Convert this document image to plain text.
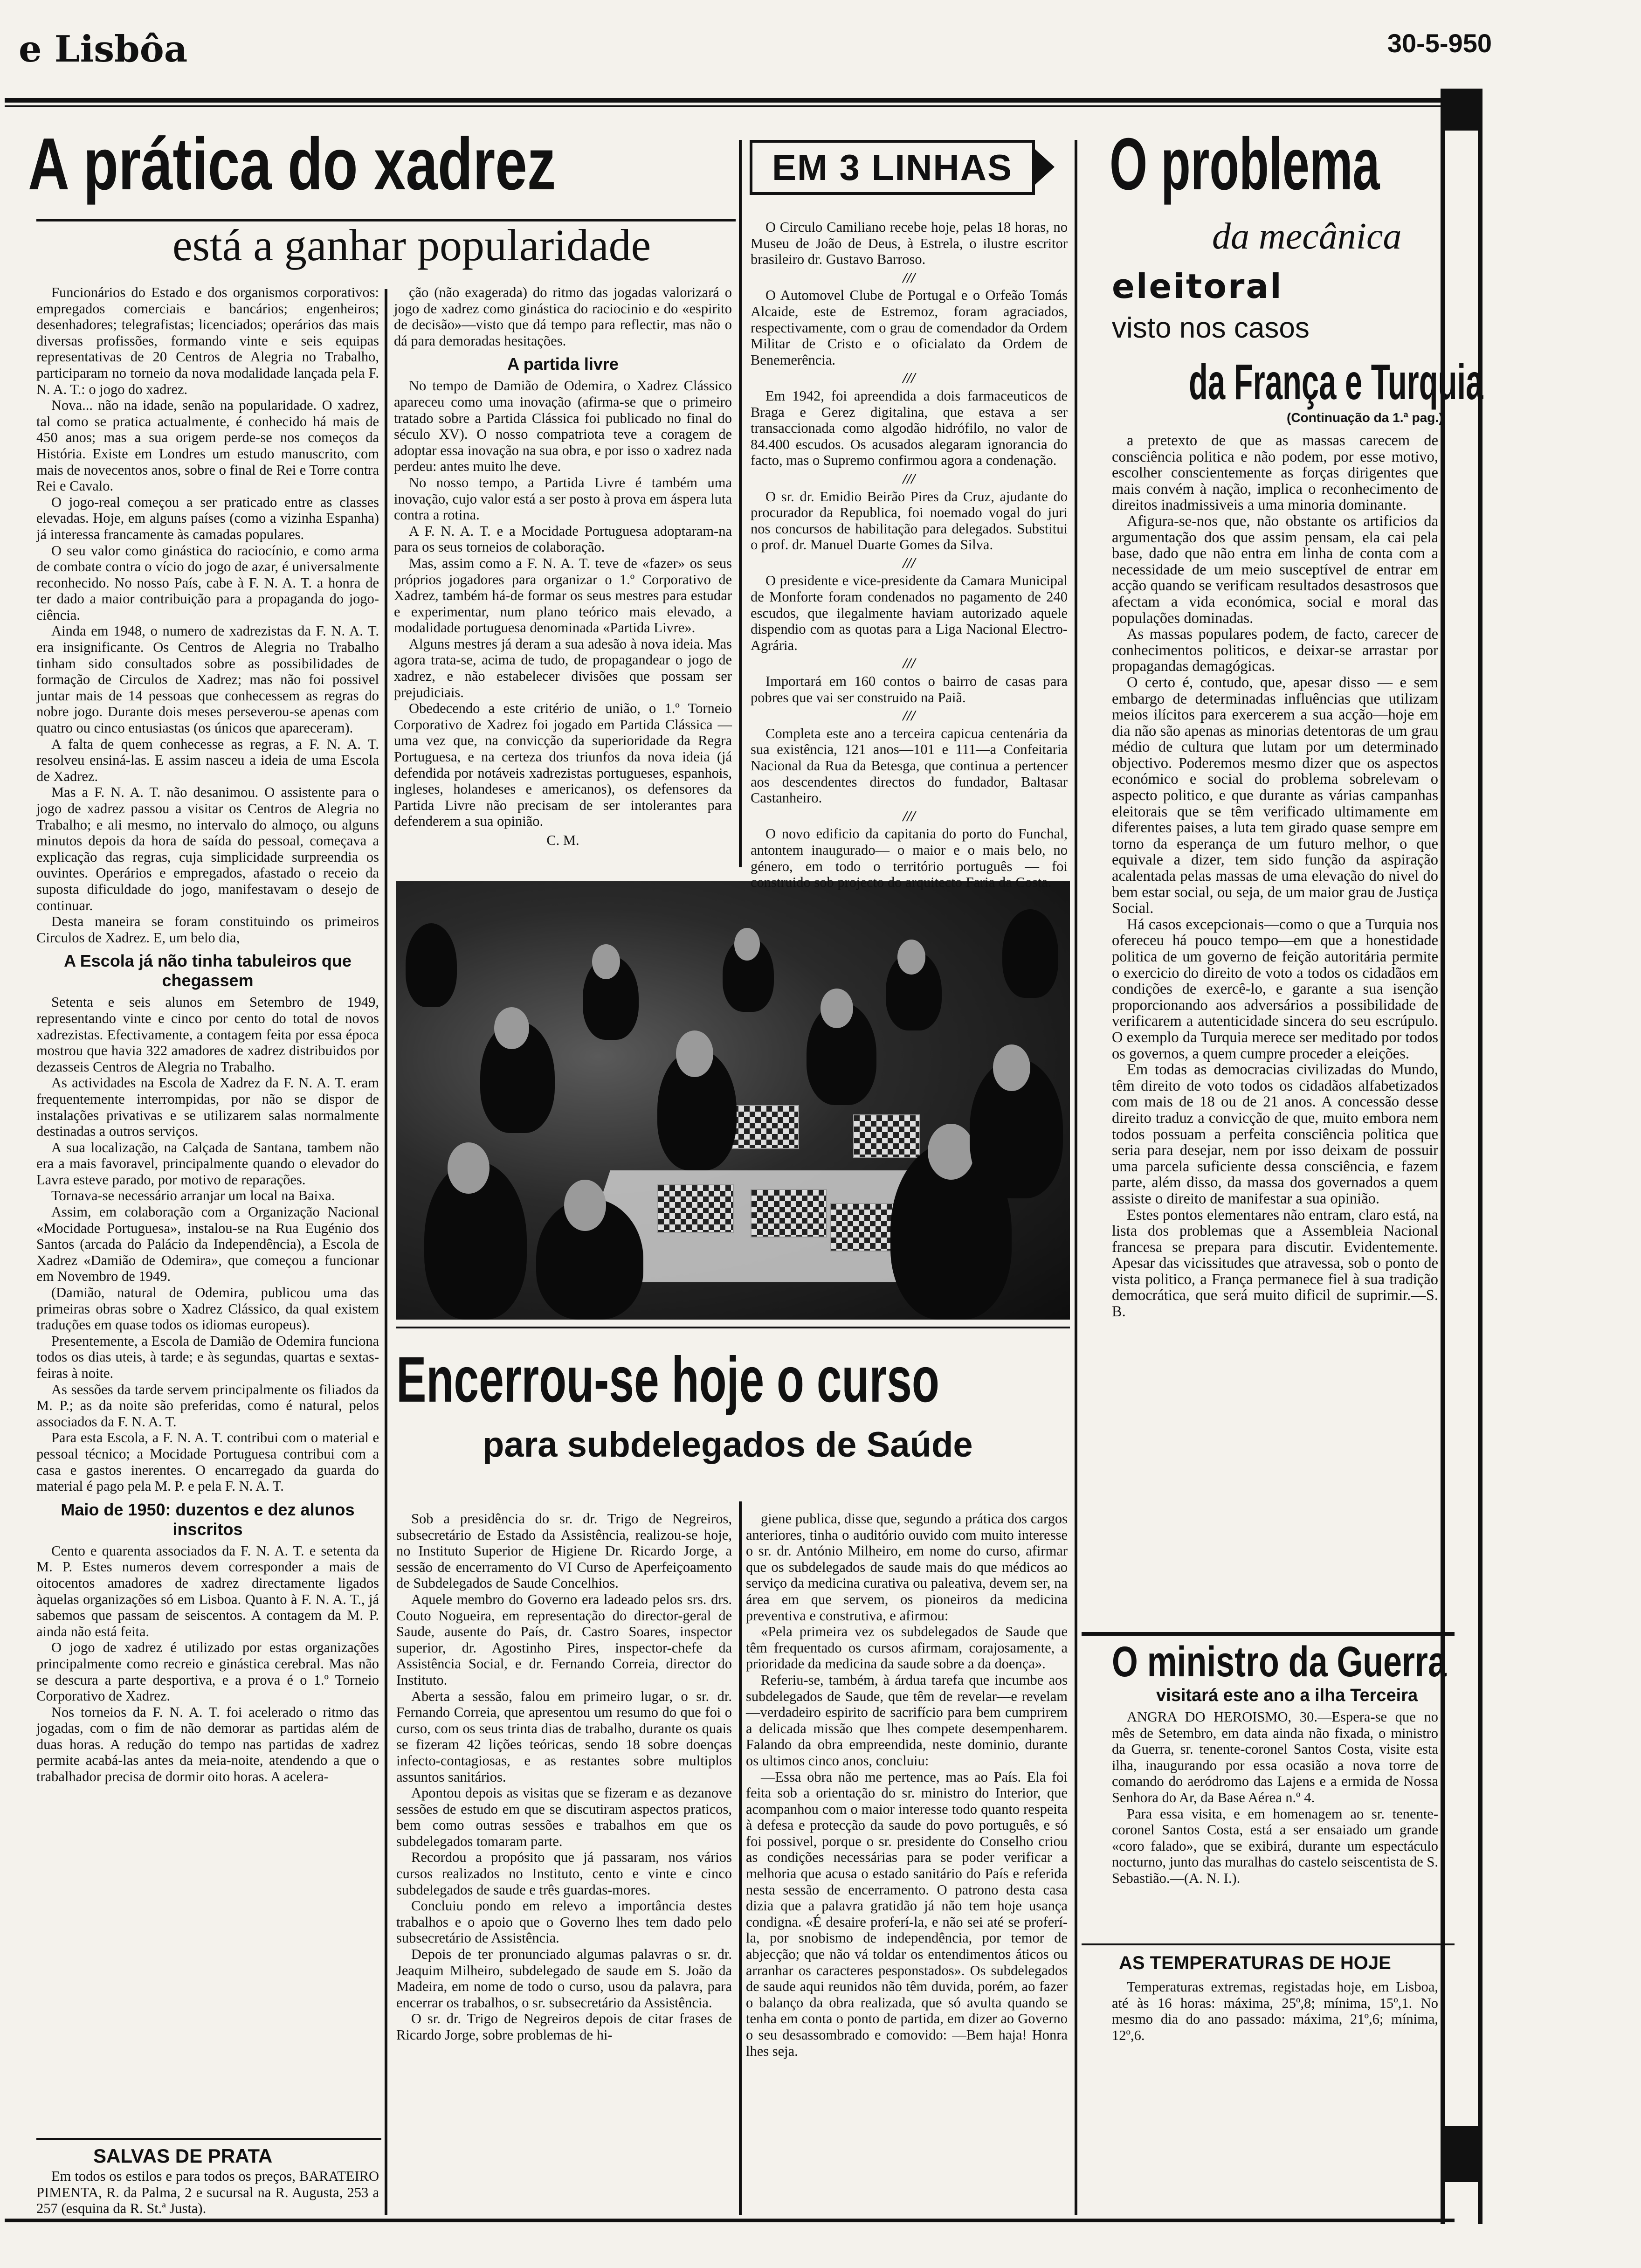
e Lisbôa	30-5-950
A prática do xadrez
está a ganhar popularidade

Funcionários do Estado e dos organismos corporativos: empregados comerciais e bancários; engenheiros; desenhadores; telegrafistas; licenciados; operários das mais diversas profissões, formando vinte e seis equipas representativas de 20 Centros de Alegria no Trabalho, participaram no torneio da nova modalidade lançada pela F. N. A. T.: o jogo do xadrez.

Nova... não na idade, senão na popularidade. O xadrez, tal como se pratica actualmente, é conhecido há mais de 450 anos; mas a sua origem perde-se nos começos da História. Existe em Londres um estudo manuscrito, com mais de novecentos anos, sobre o final de Rei e Torre contra Rei e Cavalo.

O jogo-real começou a ser praticado entre as classes elevadas. Hoje, em alguns países (como a vizinha Espanha) já interessa francamente às camadas populares.

O seu valor como ginástica do raciocínio, e como arma de combate contra o vício do jogo de azar, é universalmente reconhecido. No nosso País, cabe à F. N. A. T. a honra de ter dado a maior contribuição para a propaganda do jogo-ciência.

Ainda em 1948, o numero de xadrezistas da F. N. A. T. era insignificante. Os Centros de Alegria no Trabalho tinham sido consultados sobre as possibilidades de formação de Circulos de Xadrez; mas não foi possivel juntar mais de 14 pessoas que conhecessem as regras do nobre jogo. Durante dois meses perseverou-se apenas com quatro ou cinco entusiastas (os únicos que apareceram).

A falta de quem conhecesse as regras, a F. N. A. T. resolveu ensiná-las. E assim nasceu a ideia de uma Escola de Xadrez.

Mas a F. N. A. T. não desanimou. O assistente para o jogo de xadrez passou a visitar os Centros de Alegria no Trabalho; e ali mesmo, no intervalo do almoço, ou alguns minutos depois da hora de saída do pessoal, começava a explicação das regras, cuja simplicidade surpreendia os ouvintes. Operários e empregados, afastado o receio da suposta dificuldade do jogo, manifestavam o desejo de continuar.

Desta maneira se foram constituindo os primeiros Circulos de Xadrez. E, um belo dia,

A Escola já não tinha tabuleiros que chegassem

Setenta e seis alunos em Setembro de 1949, representando vinte e cinco por cento do total de novos xadrezistas. Efectivamente, a contagem feita por essa época mostrou que havia 322 amadores de xadrez distribuidos por dezasseis Centros de Alegria no Trabalho.

As actividades na Escola de Xadrez da F. N. A. T. eram frequentemente interrompidas, por não se dispor de instalações privativas e se utilizarem salas normalmente destinadas a outros serviços.

A sua localização, na Calçada de Santana, tambem não era a mais favoravel, principalmente quando o elevador do Lavra esteve parado, por motivo de reparações.

Tornava-se necessário arranjar um local na Baixa.

Assim, em colaboração com a Organização Nacional «Mocidade Portuguesa», instalou-se na Rua Eugénio dos Santos (arcada do Palácio da Independência), a Escola de Xadrez «Damião de Odemira», que começou a funcionar em Novembro de 1949.

(Damião, natural de Odemira, publicou uma das primeiras obras sobre o Xadrez Clássico, da qual existem traduções em quase todos os idiomas europeus).

Presentemente, a Escola de Damião de Odemira funciona todos os dias uteis, à tarde; e às segundas, quartas e sextas-feiras à noite.

As sessões da tarde servem principalmente os filiados da M. P.; as da noite são preferidas, como é natural, pelos associados da F. N. A. T.

Para esta Escola, a F. N. A. T. contribui com o material e pessoal técnico; a Mocidade Portuguesa contribui com a casa e gastos inerentes. O encarregado da guarda do material é pago pela M. P. e pela F. N. A. T.

Maio de 1950: duzentos e dez alunos inscritos

Cento e quarenta associados da F. N. A. T. e setenta da M. P. Estes numeros devem corresponder a mais de oitocentos amadores de xadrez directamente ligados àquelas organizações só em Lisboa. Quanto à F. N. A. T., já sabemos que passam de seiscentos. A contagem da M. P. ainda não está feita.

O jogo de xadrez é utilizado por estas organizações principalmente como recreio e ginástica cerebral. Mas não se descura a parte desportiva, e a prova é o 1.º Torneio Corporativo de Xadrez.

Nos torneios da F. N. A. T. foi acelerado o ritmo das jogadas, com o fim de não demorar as partidas além de duas horas. A redução do tempo nas partidas de xadrez permite acabá-las antes da meia-noite, atendendo a que o trabalhador precisa de dormir oito horas. A acelera-

ção (não exagerada) do ritmo das jogadas valorizará o jogo de xadrez como ginástica do raciocinio e do «espirito de decisão»—visto que dá tempo para reflectir, mas não o dá para demoradas hesitações.

A partida livre

No tempo de Damião de Odemira, o Xadrez Clássico apareceu como uma inovação (afirma-se que o primeiro tratado sobre a Partida Clássica foi publicado no final do século XV). O nosso compatriota teve a coragem de adoptar essa inovação na sua obra, e por isso o xadrez nada perdeu: antes muito lhe deve.

No nosso tempo, a Partida Livre é também uma inovação, cujo valor está a ser posto à prova em áspera luta contra a rotina.

A F. N. A. T. e a Mocidade Portuguesa adoptaram-na para os seus torneios de colaboração.

Mas, assim como a F. N. A. T. teve de «fazer» os seus próprios jogadores para organizar o 1.º Corporativo de Xadrez, também há-de formar os seus mestres para estudar e experimentar, num plano teórico mais elevado, a modalidade portuguesa denominada «Partida Livre».

Alguns mestres já deram a sua adesão à nova ideia. Mas agora trata-se, acima de tudo, de propagandear o jogo de xadrez, e não estabelecer divisões que possam ser prejudiciais.

Obedecendo a este critério de união, o 1.º Torneio Corporativo de Xadrez foi jogado em Partida Clássica — uma vez que, na convicção da superioridade da Regra Portuguesa, e na certeza dos triunfos da nova ideia (já defendida por notáveis xadrezistas portugueses, espanhois, ingleses, holandeses e americanos), os defensores da Partida Livre não precisam de ser intolerantes para defenderem a sua opinião.

C. M.
EM 3 LINHAS

O Circulo Camiliano recebe hoje, pelas 18 horas, no Museu de João de Deus, à Estrela, o ilustre escritor brasileiro dr. Gustavo Barroso.

///

O Automovel Clube de Portugal e o Orfeão Tomás Alcaide, este de Estremoz, foram agraciados, respectivamente, com o grau de comendador da Ordem Militar de Cristo e o oficialato da Ordem de Benemerência.

///

Em 1942, foi apreendida a dois farmaceuticos de Braga e Gerez digitalina, que estava a ser transaccionada como algodão hidrófilo, no valor de 84.400 escudos. Os acusados alegaram ignorancia do facto, mas o Supremo confirmou agora a condenação.

///

O sr. dr. Emidio Beirão Pires da Cruz, ajudante do procurador da Republica, foi noemado vogal do juri nos concursos de habilitação para delegados. Substitui o prof. dr. Manuel Duarte Gomes da Silva.

///

O presidente e vice-presidente da Camara Municipal de Monforte foram condenados no pagamento de 240 escudos, que ilegalmente haviam autorizado aquele dispendio com as quotas para a Liga Nacional Electro-Agrária.

///

Importará em 160 contos o bairro de casas para pobres que vai ser construido na Paiã.

///

Completa este ano a terceira capicua centenária da sua existência, 121 anos—101 e 111—a Confeitaria Nacional da Rua da Betesga, que continua a pertencer aos descendentes directos do fundador, Baltasar Castanheiro.

///

O novo edificio da capitania do porto do Funchal, antontem inaugurado— o maior e o mais belo, no género, em todo o território português — foi construido sob projecto do arquitecto Faria da Costa.

O problema
da mecânica
eleitoral
visto nos casos
da França e Turquia
(Continuação da 1.ª pag.)

a pretexto de que as massas carecem de consciência politica e não podem, por esse motivo, escolher conscientemente as forças dirigentes que mais convém à nação, implica o reconhecimento de direitos inadmissiveis a uma minoria dominante.

Afigura-se-nos que, não obstante os artificios da argumentação dos que assim pensam, ela cai pela base, dado que não entra em linha de conta com a necessidade de um meio susceptível de entrar em acção quando se verificam resultados desastrosos que afectam a vida económica, social e moral das populações dominadas.

As massas populares podem, de facto, carecer de conhecimentos politicos, e deixar-se arrastar por propagandas demagógicas.

O certo é, contudo, que, apesar disso — e sem embargo de determinadas influências que utilizam meios ilícitos para exercerem a sua acção—hoje em dia não são apenas as minorias detentoras de um grau médio de cultura que lutam por um determinado objectivo. Poderemos mesmo dizer que os aspectos económico e social do problema sobrelevam o aspecto politico, e que durante as várias campanhas eleitorais que se têm verificado ultimamente em diferentes paises, a luta tem girado quase sempre em torno da esperança de um futuro melhor, o que equivale a dizer, tem sido função da aspiração acalentada pelas massas de uma elevação do nivel do bem estar social, ou seja, de um maior grau de Justiça Social.

Há casos excepcionais—como o que a Turquia nos ofereceu há pouco tempo—em que a honestidade politica de um governo de feição autoritária permite o exercicio do direito de voto a todos os cidadãos em condições de exercê-lo, e garante a sua isenção proporcionando aos adversários a possibilidade de verificarem a autenticidade sincera do seu escrúpulo. O exemplo da Turquia merece ser meditado por todos os governos, a quem cumpre proceder a eleições.

Em todas as democracias civilizadas do Mundo, têm direito de voto todos os cidadãos alfabetizados com mais de 18 ou de 21 anos. A concessão desse direito traduz a convicção de que, muito embora nem todos possuam a perfeita consciência politica que seria para desejar, nem por isso deixam de possuir uma parcela suficiente dessa consciência, e fazem parte, além disso, da massa dos governados a quem assiste o direito de manifestar a sua opinião.

Estes pontos elementares não entram, claro está, na lista dos problemas que a Assembleia Nacional francesa se prepara para discutir. Evidentemente. Apesar das vicissitudes que atravessa, sob o ponto de vista politico, a França permanece fiel à sua tradição democrática, que será muito dificil de suprimir.—S. B.

O ministro da Guerra
visitará este ano a ilha Terceira

ANGRA DO HEROISMO, 30.—Espera-se que no mês de Setembro, em data ainda não fixada, o ministro da Guerra, sr. tenente-coronel Santos Costa, visite esta ilha, inaugurando por essa ocasião a nova torre de comando do aeródromo das Lajens e a ermida de Nossa Senhora do Ar, da Base Aérea n.º 4.

Para essa visita, e em homenagem ao sr. tenente-coronel Santos Costa, está a ser ensaiado um grande «coro falado», que se exibirá, durante um espectáculo nocturno, junto das muralhas do castelo seiscentista de S. Sebastião.—(A. N. I.).

AS TEMPERATURAS DE HOJE

Temperaturas extremas, registadas hoje, em Lisboa, até às 16 horas: máxima, 25º,8; mínima, 15º,1. No mesmo dia do ano passado: máxima, 21º,6; mínima, 12º,6.

Encerrou-se hoje o curso
para subdelegados de Saúde

Sob a presidência do sr. dr. Trigo de Negreiros, subsecretário de Estado da Assistência, realizou-se hoje, no Instituto Superior de Higiene Dr. Ricardo Jorge, a sessão de encerramento do VI Curso de Aperfeiçoamento de Subdelegados de Saude Concelhios.

Aquele membro do Governo era ladeado pelos srs. drs. Couto Nogueira, em representação do director-geral de Saude, ausente do País, dr. Castro Soares, inspector superior, dr. Agostinho Pires, inspector-chefe da Assistência Social, e dr. Fernando Correia, director do Instituto.

Aberta a sessão, falou em primeiro lugar, o sr. dr. Fernando Correia, que apresentou um resumo do que foi o curso, com os seus trinta dias de trabalho, durante os quais se fizeram 42 lições teóricas, sendo 18 sobre doenças infecto-contagiosas, e as restantes sobre multiplos assuntos sanitários.

Apontou depois as visitas que se fizeram e as dezanove sessões de estudo em que se discutiram aspectos praticos, bem como outras sessões e trabalhos em que os subdelegados tomaram parte.

Recordou a propósito que já passaram, nos vários cursos realizados no Instituto, cento e vinte e cinco subdelegados de saude e três guardas-mores.

Concluiu pondo em relevo a importância destes trabalhos e o apoio que o Governo lhes tem dado pelo subsecretário de Assistência.

Depois de ter pronunciado algumas palavras o sr. dr. Jeaquim Milheiro, subdelegado de saude em S. João da Madeira, em nome de todo o curso, usou da palavra, para encerrar os trabalhos, o sr. subsecretário da Assistência.

O sr. dr. Trigo de Negreiros depois de citar frases de Ricardo Jorge, sobre problemas de hi-

giene publica, disse que, segundo a prática dos cargos anteriores, tinha o auditório ouvido com muito interesse o sr. dr. António Milheiro, em nome do curso, afirmar que os subdelegados de saude mais do que médicos ao serviço da medicina curativa ou paleativa, devem ser, na área em que servem, os pioneiros da medicina preventiva e construtiva, e afirmou:

«Pela primeira vez os subdelegados de Saude que têm frequentado os cursos afirmam, corajosamente, a prioridade da medicina da saude sobre a da doença».

Referiu-se, também, à árdua tarefa que incumbe aos subdelegados de Saude, que têm de revelar—e revelam—verdadeiro espirito de sacrifício para bem cumprirem a delicada missão que lhes compete desempenharem. Falando da obra empreendida, neste dominio, durante os ultimos cinco anos, concluiu:

—Essa obra não me pertence, mas ao País. Ela foi feita sob a orientação do sr. ministro do Interior, que acompanhou com o maior interesse todo quanto respeita à defesa e protecção da saude do povo português, e só foi possivel, porque o sr. presidente do Conselho criou as condições necessárias para se poder verificar a melhoria que acusa o estado sanitário do País e referida nesta sessão de encerramento. O patrono desta casa dizia que a palavra gratidão já não tem hoje usança condigna. «É desaire proferí-la, e não sei até se proferí-la, por snobismo de independência, por temor de abjecção; que não vá toldar os entendimentos áticos ou arranhar os caracteres pesponstados». Os subdelegados de saude aqui reunidos não têm duvida, porém, ao fazer o balanço da obra realizada, que só avulta quando se tenha em conta o ponto de partida, em dizer ao Governo o seu desassombrado e comovido: —Bem haja! Honra lhes seja.

SALVAS DE PRATA

Em todos os estilos e para todos os preços, BARATEIRO PIMENTA, R. da Palma, 2 e sucursal na R. Augusta, 253 a 257 (esquina da R. St.ª Justa).
